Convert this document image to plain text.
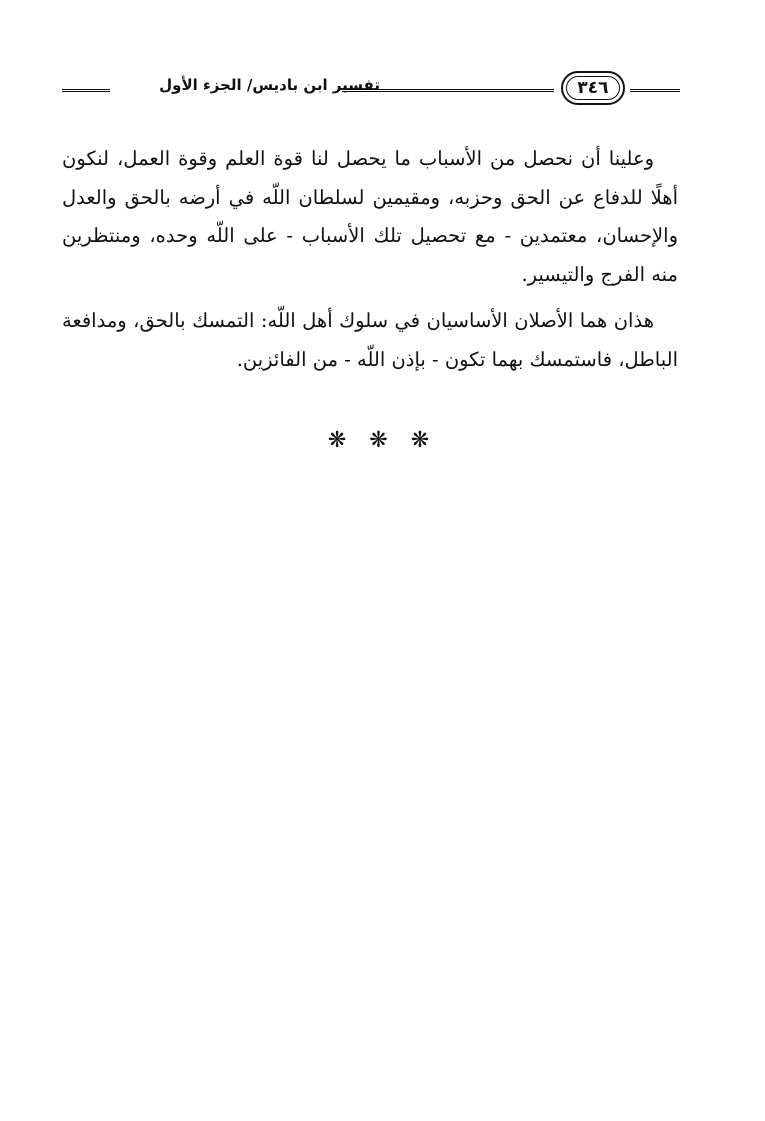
تفسير ابن باديس/ الجزء الأول	٣٤٦

وعلينا أن نحصل من الأسباب ما يحصل لنا قوة العلم وقوة العمل، لنكون أهلًا للدفاع عن الحق وحزبه، ومقيمين لسلطان اللّه في أرضه بالحق والعدل والإحسان، معتمدين - مع تحصيل تلك الأسباب - على اللّه وحده، ومنتظرين منه الفرج والتيسير.

هذان هما الأصلان الأساسيان في سلوك أهل اللّه: التمسك بالحق، ومدافعة الباطل، فاستمسك بهما تكون - بإذن اللّه - من الفائزين.

❋ ❋ ❋
